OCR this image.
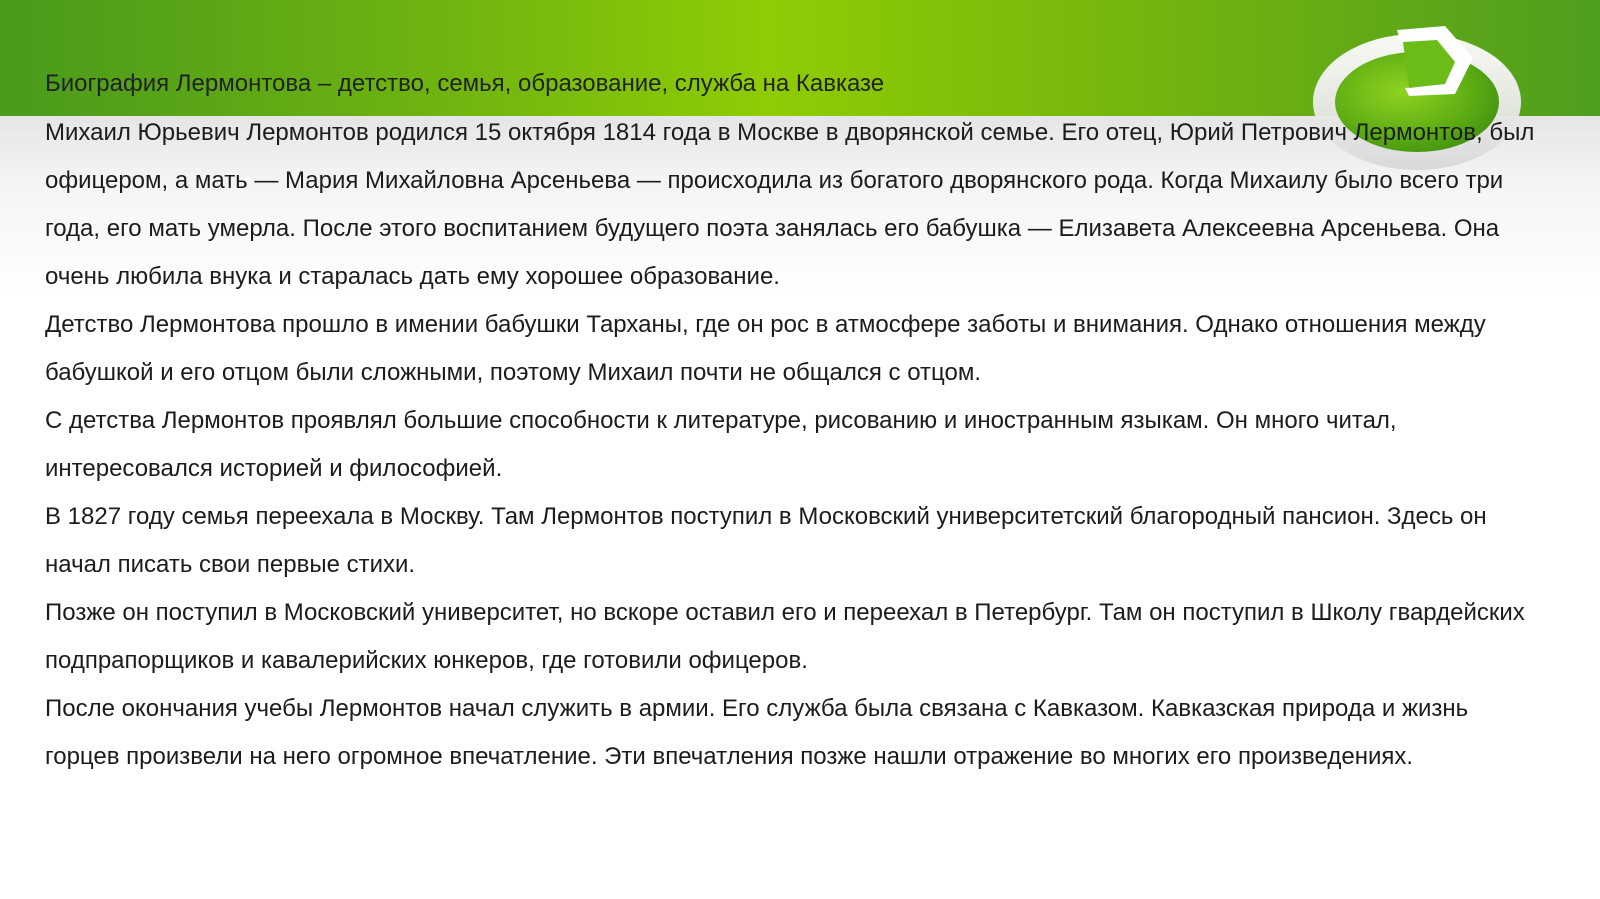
Биография Лермонтова – детство, семья, образование, служба на Кавказе

Михаил Юрьевич Лермонтов родился 15 октября 1814 года в Москве в дворянской семье. Его отец, Юрий Петрович Лермонтов, был офицером, а мать — Мария Михайловна Арсеньева — происходила из богатого дворянского рода. Когда Михаилу было всего три года, его мать умерла. После этого воспитанием будущего поэта занялась его бабушка — Елизавета Алексеевна Арсеньева. Она очень любила внука и старалась дать ему хорошее образование.

Детство Лермонтова прошло в имении бабушки Тарханы, где он рос в атмосфере заботы и внимания. Однако отношения между бабушкой и его отцом были сложными, поэтому Михаил почти не общался с отцом.

С детства Лермонтов проявлял большие способности к литературе, рисованию и иностранным языкам. Он много читал, интересовался историей и философией.

В 1827 году семья переехала в Москву. Там Лермонтов поступил в Московский университетский благородный пансион. Здесь он начал писать свои первые стихи.

Позже он поступил в Московский университет, но вскоре оставил его и переехал в Петербург. Там он поступил в Школу гвардейских подпрапорщиков и кавалерийских юнкеров, где готовили офицеров.

После окончания учебы Лермонтов начал служить в армии. Его служба была связана с Кавказом. Кавказская природа и жизнь горцев произвели на него огромное впечатление. Эти впечатления позже нашли отражение во многих его произведениях.
